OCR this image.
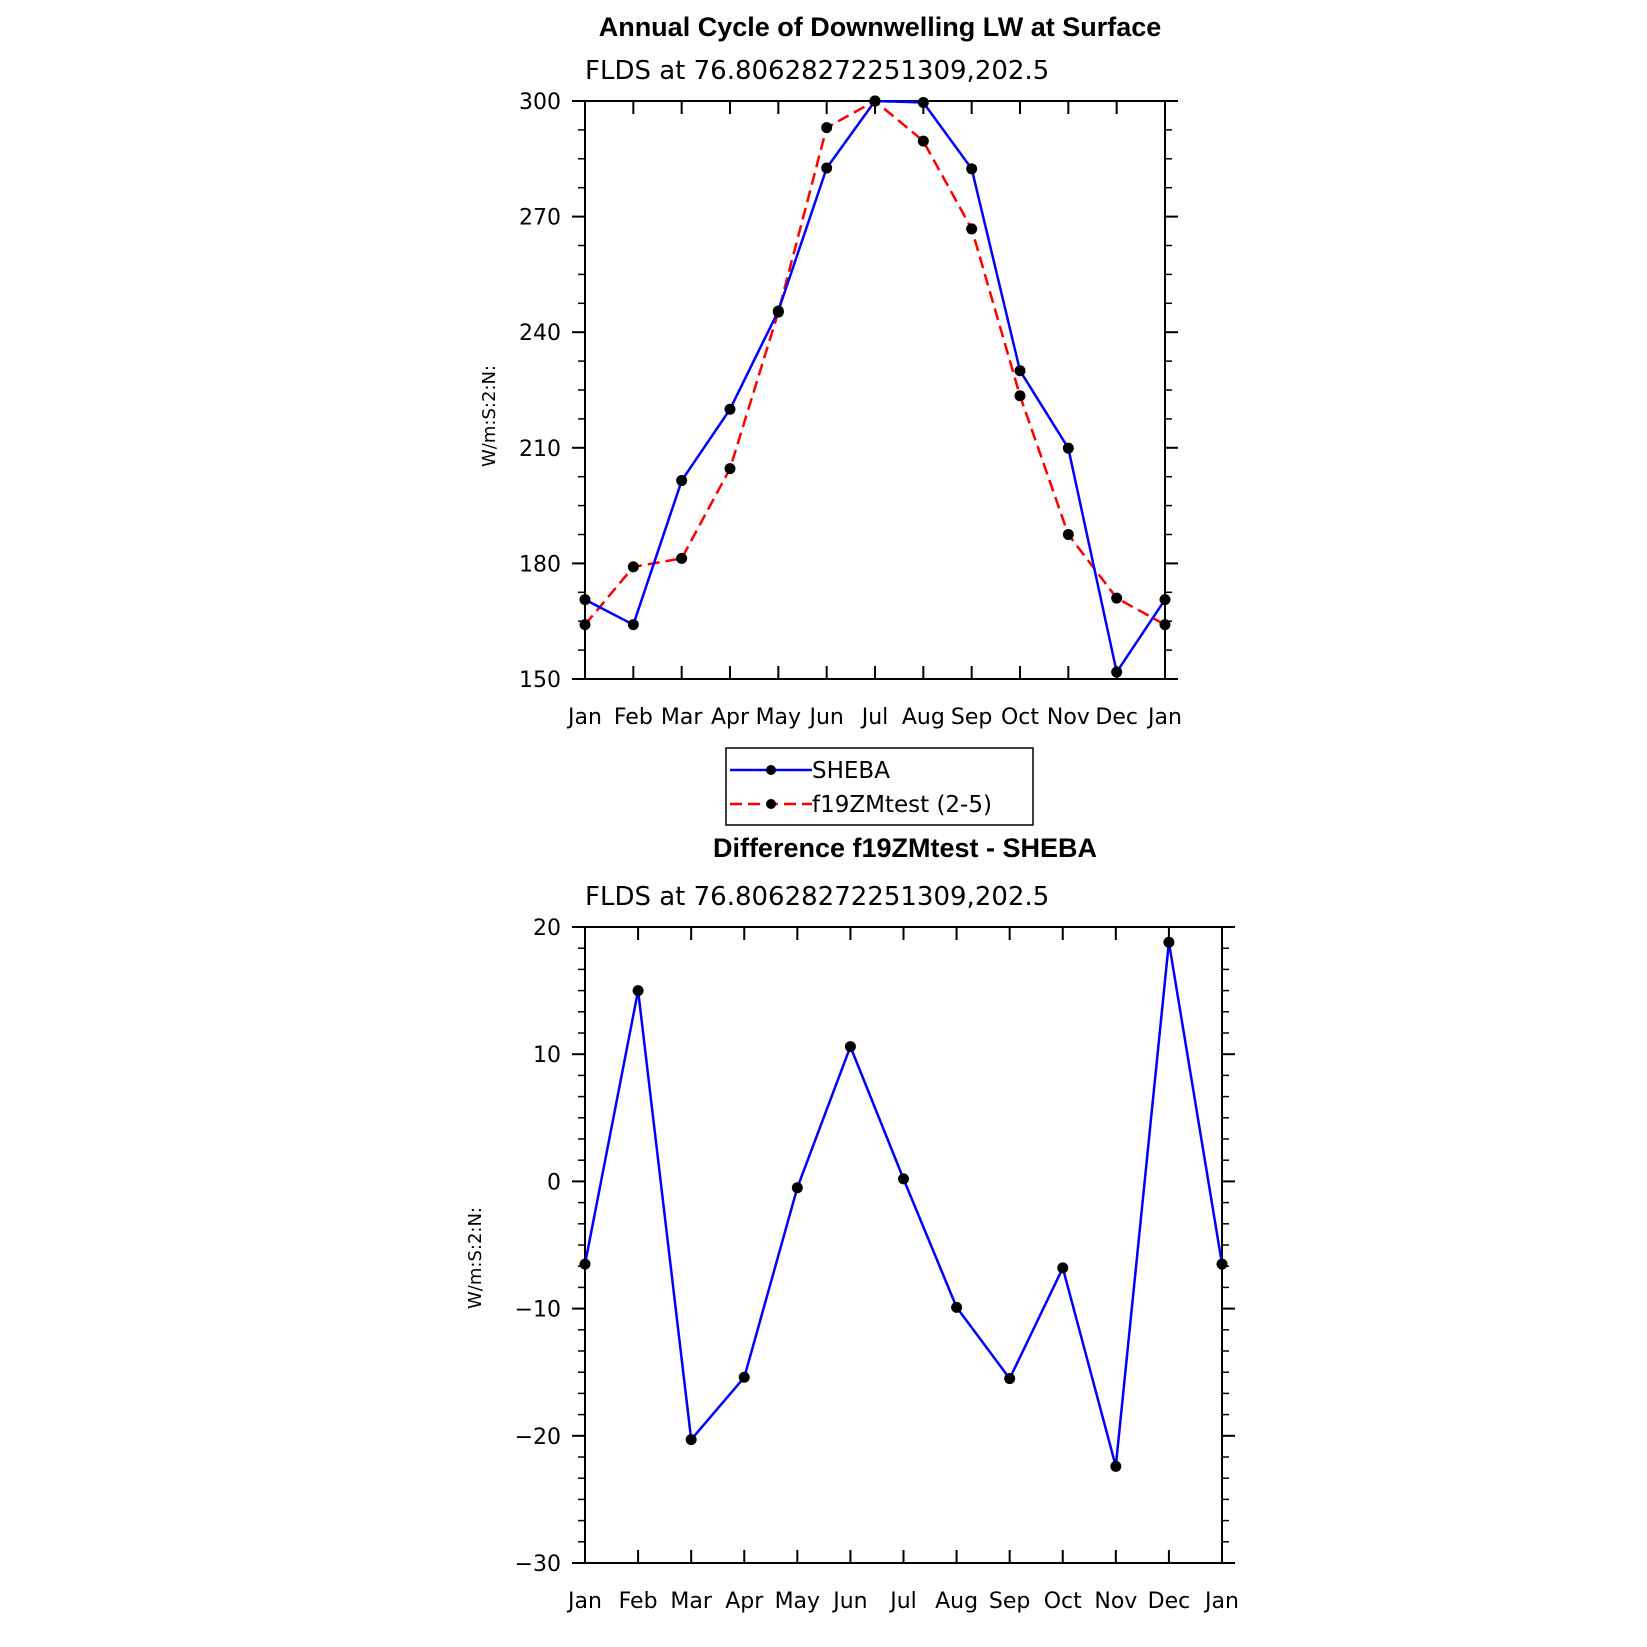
Annual Cycle of Downwelling LW at Surface
FLDS at 76.80628272251309,202.5
W/m:S:2:N:
Jan Feb Mar Apr May Jun Jul Aug Sep Oct Nov Dec Jan
150
180
210
240
270
300
SHEBA
f19ZMtest (2-5)
Difference f19ZMtest - SHEBA
FLDS at 76.80628272251309,202.5
W/m:S:2:N:
Jan Feb Mar Apr May Jun Jul Aug Sep Oct Nov Dec Jan
−30
−20
−10
0
10
20
